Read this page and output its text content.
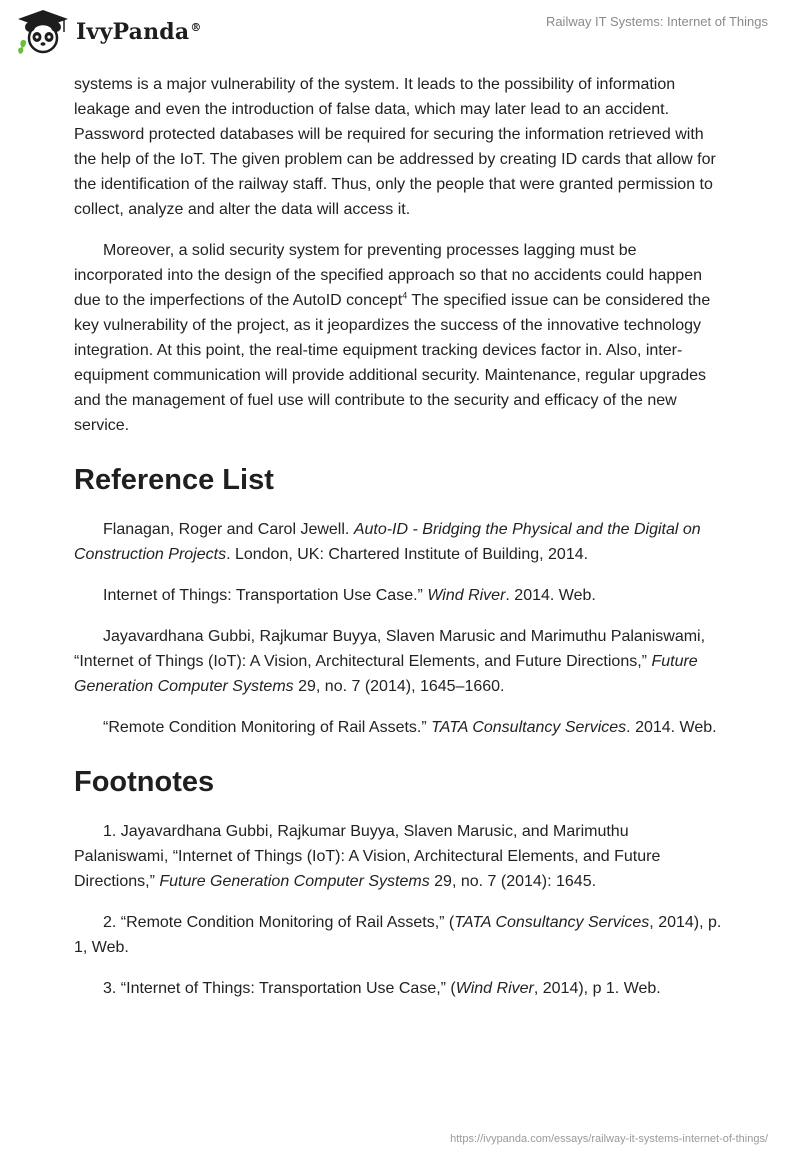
IvyPanda®	Railway IT Systems: Internet of Things

systems is a major vulnerability of the system. It leads to the possibility of information leakage and even the introduction of false data, which may later lead to an accident. Password protected databases will be required for securing the information retrieved with the help of the IoT. The given problem can be addressed by creating ID cards that allow for the identification of the railway staff. Thus, only the people that were granted permission to collect, analyze and alter the data will access it.

Moreover, a solid security system for preventing processes lagging must be incorporated into the design of the specified approach so that no accidents could happen due to the imperfections of the AutoID concept$^4$ The specified issue can be considered the key vulnerability of the project, as it jeopardizes the success of the innovative technology integration. At this point, the real-time equipment tracking devices factor in. Also, inter-equipment communication will provide additional security. Maintenance, regular upgrades and the management of fuel use will contribute to the security and efficacy of the new service.

Reference List

Flanagan, Roger and Carol Jewell. Auto-ID - Bridging the Physical and the Digital on Construction Projects. London, UK: Chartered Institute of Building, 2014.

Internet of Things: Transportation Use Case.” Wind River. 2014. Web.

Jayavardhana Gubbi, Rajkumar Buyya, Slaven Marusic and Marimuthu Palaniswami, “Internet of Things (IoT): A Vision, Architectural Elements, and Future Directions,” Future Generation Computer Systems 29, no. 7 (2014), 1645–1660.

“Remote Condition Monitoring of Rail Assets.” TATA Consultancy Services. 2014. Web.

Footnotes

1. Jayavardhana Gubbi, Rajkumar Buyya, Slaven Marusic, and Marimuthu Palaniswami, “Internet of Things (IoT): A Vision, Architectural Elements, and Future Directions,” Future Generation Computer Systems 29, no. 7 (2014): 1645.

2. “Remote Condition Monitoring of Rail Assets,” (TATA Consultancy Services, 2014), p. 1, Web.

3. “Internet of Things: Transportation Use Case,” (Wind River, 2014), p 1. Web.

https://ivypanda.com/essays/railway-it-systems-internet-of-things/
